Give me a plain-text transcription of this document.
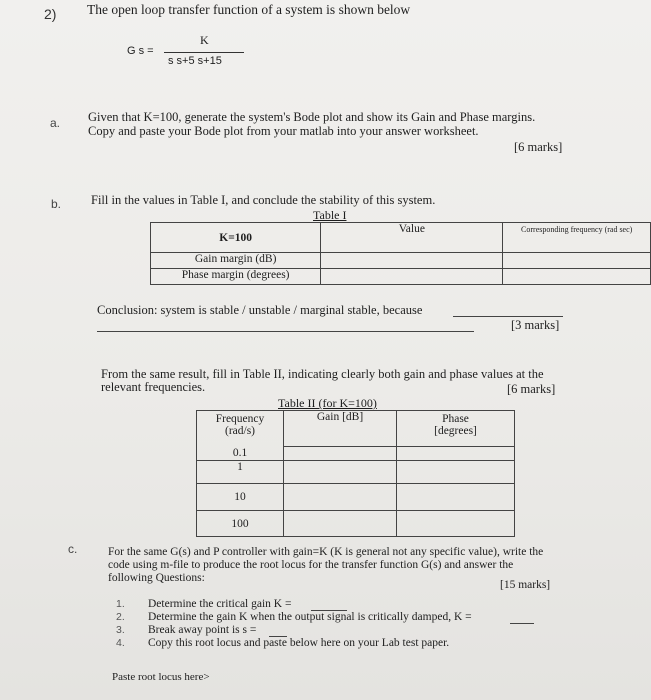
2) The open loop transfer function of a system is shown below
G s =
K
s s+5 s+15
a. Given that K=100, generate the system's Bode plot and show its Gain and Phase margins.
Copy and paste your Bode plot from your matlab into your answer worksheet.
[6 marks]
b. Fill in the values in Table I, and conclude the stability of this system.
Table I
K=100	Value	Corresponding frequency (rad sec)

Gain margin (dB)		
Phase margin (degrees)		
Conclusion: system is stable / unstable / marginal stable, because
[3 marks]
From the same result, fill in Table II, indicating clearly both gain and phase values at the
relevant frequencies.	[6 marks]
Table II (for K=100)
Frequency (rad/s)	Gain [dB]	Phase [degrees]

0.1		
1		
10		
100		
c.	For the same G(s) and P controller with gain=K (K is general not any specific value), write the
code using m-file to produce the root locus for the transfer function G(s) and answer the
following Questions:
[15 marks]
1. Determine the critical gain K =
2. Determine the gain K when the output signal is critically damped, K =
3. Break away point is s =
4. Copy this root locus and paste below here on your Lab test paper.
Paste root locus here>
